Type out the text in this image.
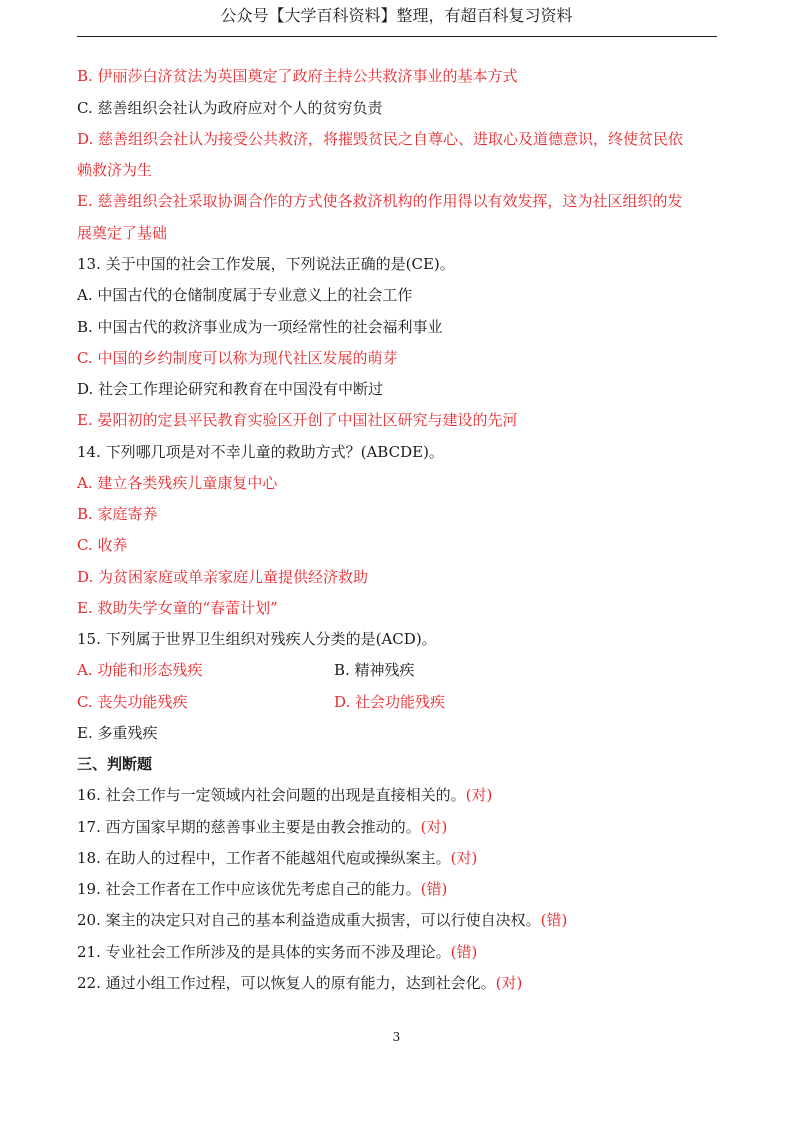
公众号【大学百科资料】整理，有超百科复习资料
B. 伊丽莎白济贫法为英国奠定了政府主持公共救济事业的基本方式
C. 慈善组织会社认为政府应对个人的贫穷负责
D. 慈善组织会社认为接受公共救济，将摧毁贫民之自尊心、进取心及道德意识，终使贫民依
赖救济为生
E. 慈善组织会社采取协调合作的方式使各救济机构的作用得以有效发挥，这为社区组织的发
展奠定了基础
13. 关于中国的社会工作发展，下列说法正确的是(CE)。
A. 中国古代的仓储制度属于专业意义上的社会工作
B. 中国古代的救济事业成为一项经常性的社会福利事业
C. 中国的乡约制度可以称为现代社区发展的萌芽
D. 社会工作理论研究和教育在中国没有中断过
E. 晏阳初的定县平民教育实验区开创了中国社区研究与建设的先河
14. 下列哪几项是对不幸儿童的救助方式？(ABCDE)。
A. 建立各类残疾儿童康复中心
B. 家庭寄养
C. 收养
D. 为贫困家庭或单亲家庭儿童提供经济救助
E. 救助失学女童的“春蕾计划”
15. 下列属于世界卫生组织对残疾人分类的是(ACD)。
A. 功能和形态残疾	B. 精神残疾
C. 丧失功能残疾	D. 社会功能残疾
E. 多重残疾
三、判断题
16. 社会工作与一定领域内社会问题的出现是直接相关的。(对)
17. 西方国家早期的慈善事业主要是由教会推动的。(对)
18. 在助人的过程中，工作者不能越俎代庖或操纵案主。(对)
19. 社会工作者在工作中应该优先考虑自己的能力。(错)
20. 案主的决定只对自己的基本利益造成重大损害，可以行使自决权。(错)
21. 专业社会工作所涉及的是具体的实务而不涉及理论。(错)
22. 通过小组工作过程，可以恢复人的原有能力，达到社会化。(对)
3
